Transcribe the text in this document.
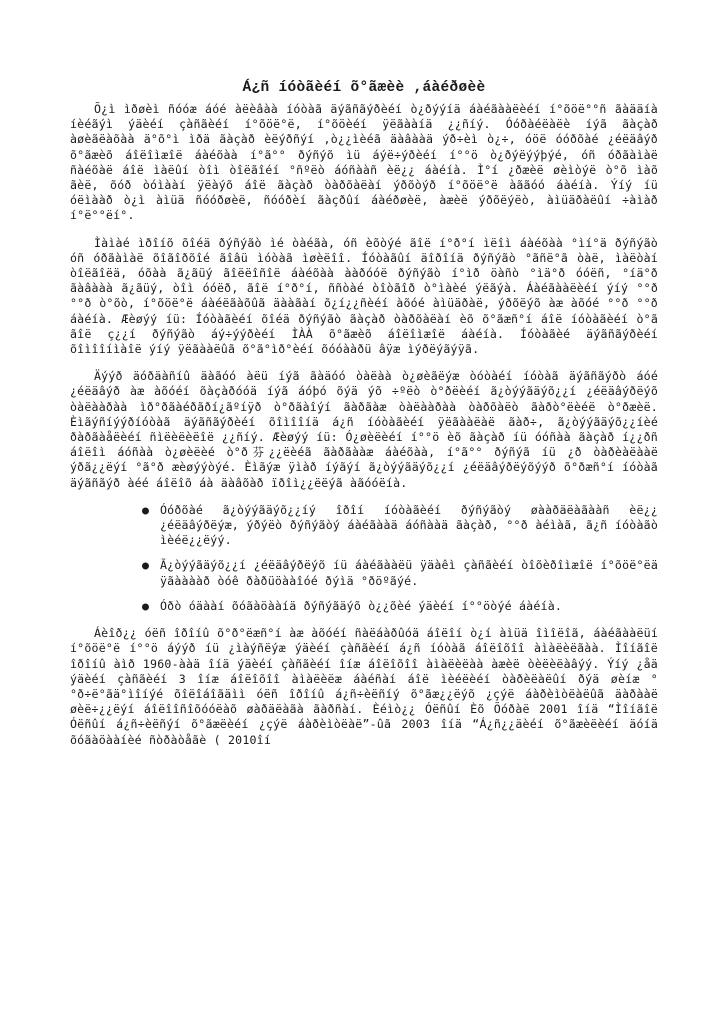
Á¿ñ íóòãèéí õ°ãæèè ,áàéðøèè

Õ¿ì ìðøèì ñóóæ áóé àëèâàà íóòàã äýãñãýðèéí ò¿ðýýíä áàéãààëèéí í°õöë°°ñ ãàääíà íèéãýì ýäèéí çàñãèéí í°õöë°ë, í°õöèéí ÿëãààíä ¿¿ñíý. Óóðàéëàëè íýã ãàçàð àøèãëàõàà ä°õ°ì ìðä ãàçàð èëýðñýí ,ò¿¿ìèéã äàâààä ýð÷èì ò¿÷, óöë óóðõàé ¿éëäâýð õ°ãæèõ áîëîìæîë áàéõàà í°ã°° ðýñýõ ìü áýë÷ýðèéí í°°ö ò¿ðýëýýþýé, óñ óðãàìàë ñàéõàë áîë ìàëûí òîì òîëãîéí °ñºëò áóñààñ èë¿¿ áàéíà. Ì°í ¿ðæèë øèìòýë ò°õ ìàõ ãèë, õóð òóìààí ÿëàýõ áîë ãàçàð òàðõàëàí ýðõòýð í°õöë°ë àããóó áàéíà. Ýíý íü óëìààð ò¿ì àìüä ñóóðøèë, ñóóðèí ãàçðûí áàéðøèë, àæèë ýðõëýëò, àìüäðàëûí ÷àìàð í°ë°°ëí°.

Ìàìàé ìðîíõ õîéä ðýñýãò ìé òàéãà, óñ èõòýé ãîë í°ð°í ìëîì áàéõàà °ìí°ä ðýñýãò óñ óðãàìàë õîãîðõîé ãîâü ìóòàã ìøèëîî. Íóòàãûí äîðîíä ðýñýãò °ãñë°ã òàë, ìàëòàí òîëãîëä, óõàà ã¿ãüý ãîëëîñîë áàéõàà ààðóóë ðýñýãò í°ìð öàñò °ìä°ð óóëñ, °íä°ð ãàâààà ã¿ãüý, òîì óóëð, ãîë í°ð°í, ññòàé òîòãîð ò°ìàèé ýëãýà. Áàéãààëèéí ýíý °°ð °°ð ò°õò, í°õöë°ë áàéëãàõûã äààãàí õ¿í¿¿ñèéí àõóé àìüäðàë, ýðõëýõ àæ àõóé °°ð °°ð áàéíà. Æèøýý íü: Íóòàãèéí õîéä ðýñýãò ãàçàð òàðõàëàí èõ õ°ãæñ°í áîë íóòàãèéí ò°ã ãîë ç¿¿í ðýñýãò áý÷ýýðèéí ÌÀÀ õ°ãæèõ áîëîìæîë áàéíà. Íóòàãèé äýãñãýðèéí õîìîîíìàîë ýíý ÿëãààëûã õ°ã°ìð°èéí õóóààðü âÿæ ìýðëýãýÿã.

Äýýð äóðäàñíû äàãóó àëü íýã ãàäóó òàëàà ò¿øèãëýæ òóòàéí íóòàã äýãñãýðò áóé ¿éëäâýð àæ àõóéí õàçàðóóä íýã áóþó õýä ýõ ÷ºëò ò°ðëèéí ã¿òýýãäýõ¿¿í ¿éëäâýðëýõ òàëààðàà ìð°ðãàéðãðí¿ãºíÿð ò°ðãàîýí ãàðãàæ òàëààðàà òàðõàëò ãàðò°ëèéë ò°ðæèë. Èìãýñíýýðíóòàã äýãñãýðèéí õîìîîíä á¿ñ íóòàãèéí ÿëãààëàë ãàð÷, ã¿òýýãäýõ¿¿íèé ðàðãàåëèéí ñìëèëèëîë ¿¿ñíý. Æèøýý íü: Ó¿øèëèéí í°°ö èõ ãàçàð íü óóñàà ãàçàð í¿¿ðñ áîëîì áóñàà ò¿øèëèé ò°ð芬¿¿ëèéã ãàðãààæ áàéõàà, í°ã°° ðýñýã íü ¿ð òàðèàëààë ýðã¿¿ëýí °ã°ð æèøýýòýé. Èìãýæ ÿìàð íýãýí ã¿òýýãäýõ¿¿í ¿éëäâýðëýõýýð õ°ðæñ°í íóòàã äýãñãýð àéé áîëîõ áà äàâõàð ïðîì¿¿ëëýã àãóóëíà.

● Óóðõàé ã¿òýýãäýõ¿¿íý îðîí íóòàãèéí ðýñýãòý øààðäëàãààñ èë¿¿ ¿éëäâýðëýæ, ýðýëò ðýñýãòý áàéãààä áóñààä ãàçàð, °°ð àéìàã, ã¿ñ íóòàãò ìèéë¿¿ëýý.
● Ã¿òýýãäýõ¿¿í ¿éëäâýðëýõ íü áàéãààëü ÿäàêì çàñãèéí òîõèðîìæîë í°õöë°ëä ÿãààààð òóê ðàðüöààîóé ðýìä °ðöºãýé.
● Óðò óäààí õóãàöààíä ðýñýãäýõ ò¿¿õèé ýäèéí í°°öòýé áàéíà.

Áèîð¿¿ óëñ îðîíû õ°ð°ëæñ°í àæ àõóéí ñàëáàðûóä áîëîí ò¿í àìüä îìîëîã, áàéãààëüí í°õöë°ë í°°ö áýýð íü ¿ìàýñëýæ ýäèéí çàñãèéí á¿ñ íóòàã áîëîõîî àìàëèëãàà. Ìîíãîë îðîíû àìð 1960-ààä îíä ýäèéí çàñãèéí îíæ áîëîõîî àìàëèëàà àæèë òèëèëàâýý. Ýíý ¿åä ýäèéí çàñãèéí 3 îíæ áîëîõîî àìàëèëæ áàéñàí áîë ìèéëèéí òàðèëàëûí ðýä øèíæ °°ð÷ë°ãä°ìîíýé õîëîáîãäìì óëñ îðîíû á¿ñ÷èëñíý õ°ãæ¿¿ëýõ ¿çýë áàðèìòëàëûã äàðààë øèë÷¿¿ëýí áîëîîñîõóóëàõ øàðäëàãà ãàðñàí. Èéìò¿¿ Óëñûí Èõ Õóðàë 2001 îíä “Ìîíãîë Óëñûí á¿ñ÷èëñýí õ°ãæëèéí ¿çýë áàðèìòëàë”-ûã 2003 îíä “Á¿ñ¿¿äèéí õ°ãæèëèéí äóíä õóãàöààíèé ñòðàòåãè ( 2010îí
